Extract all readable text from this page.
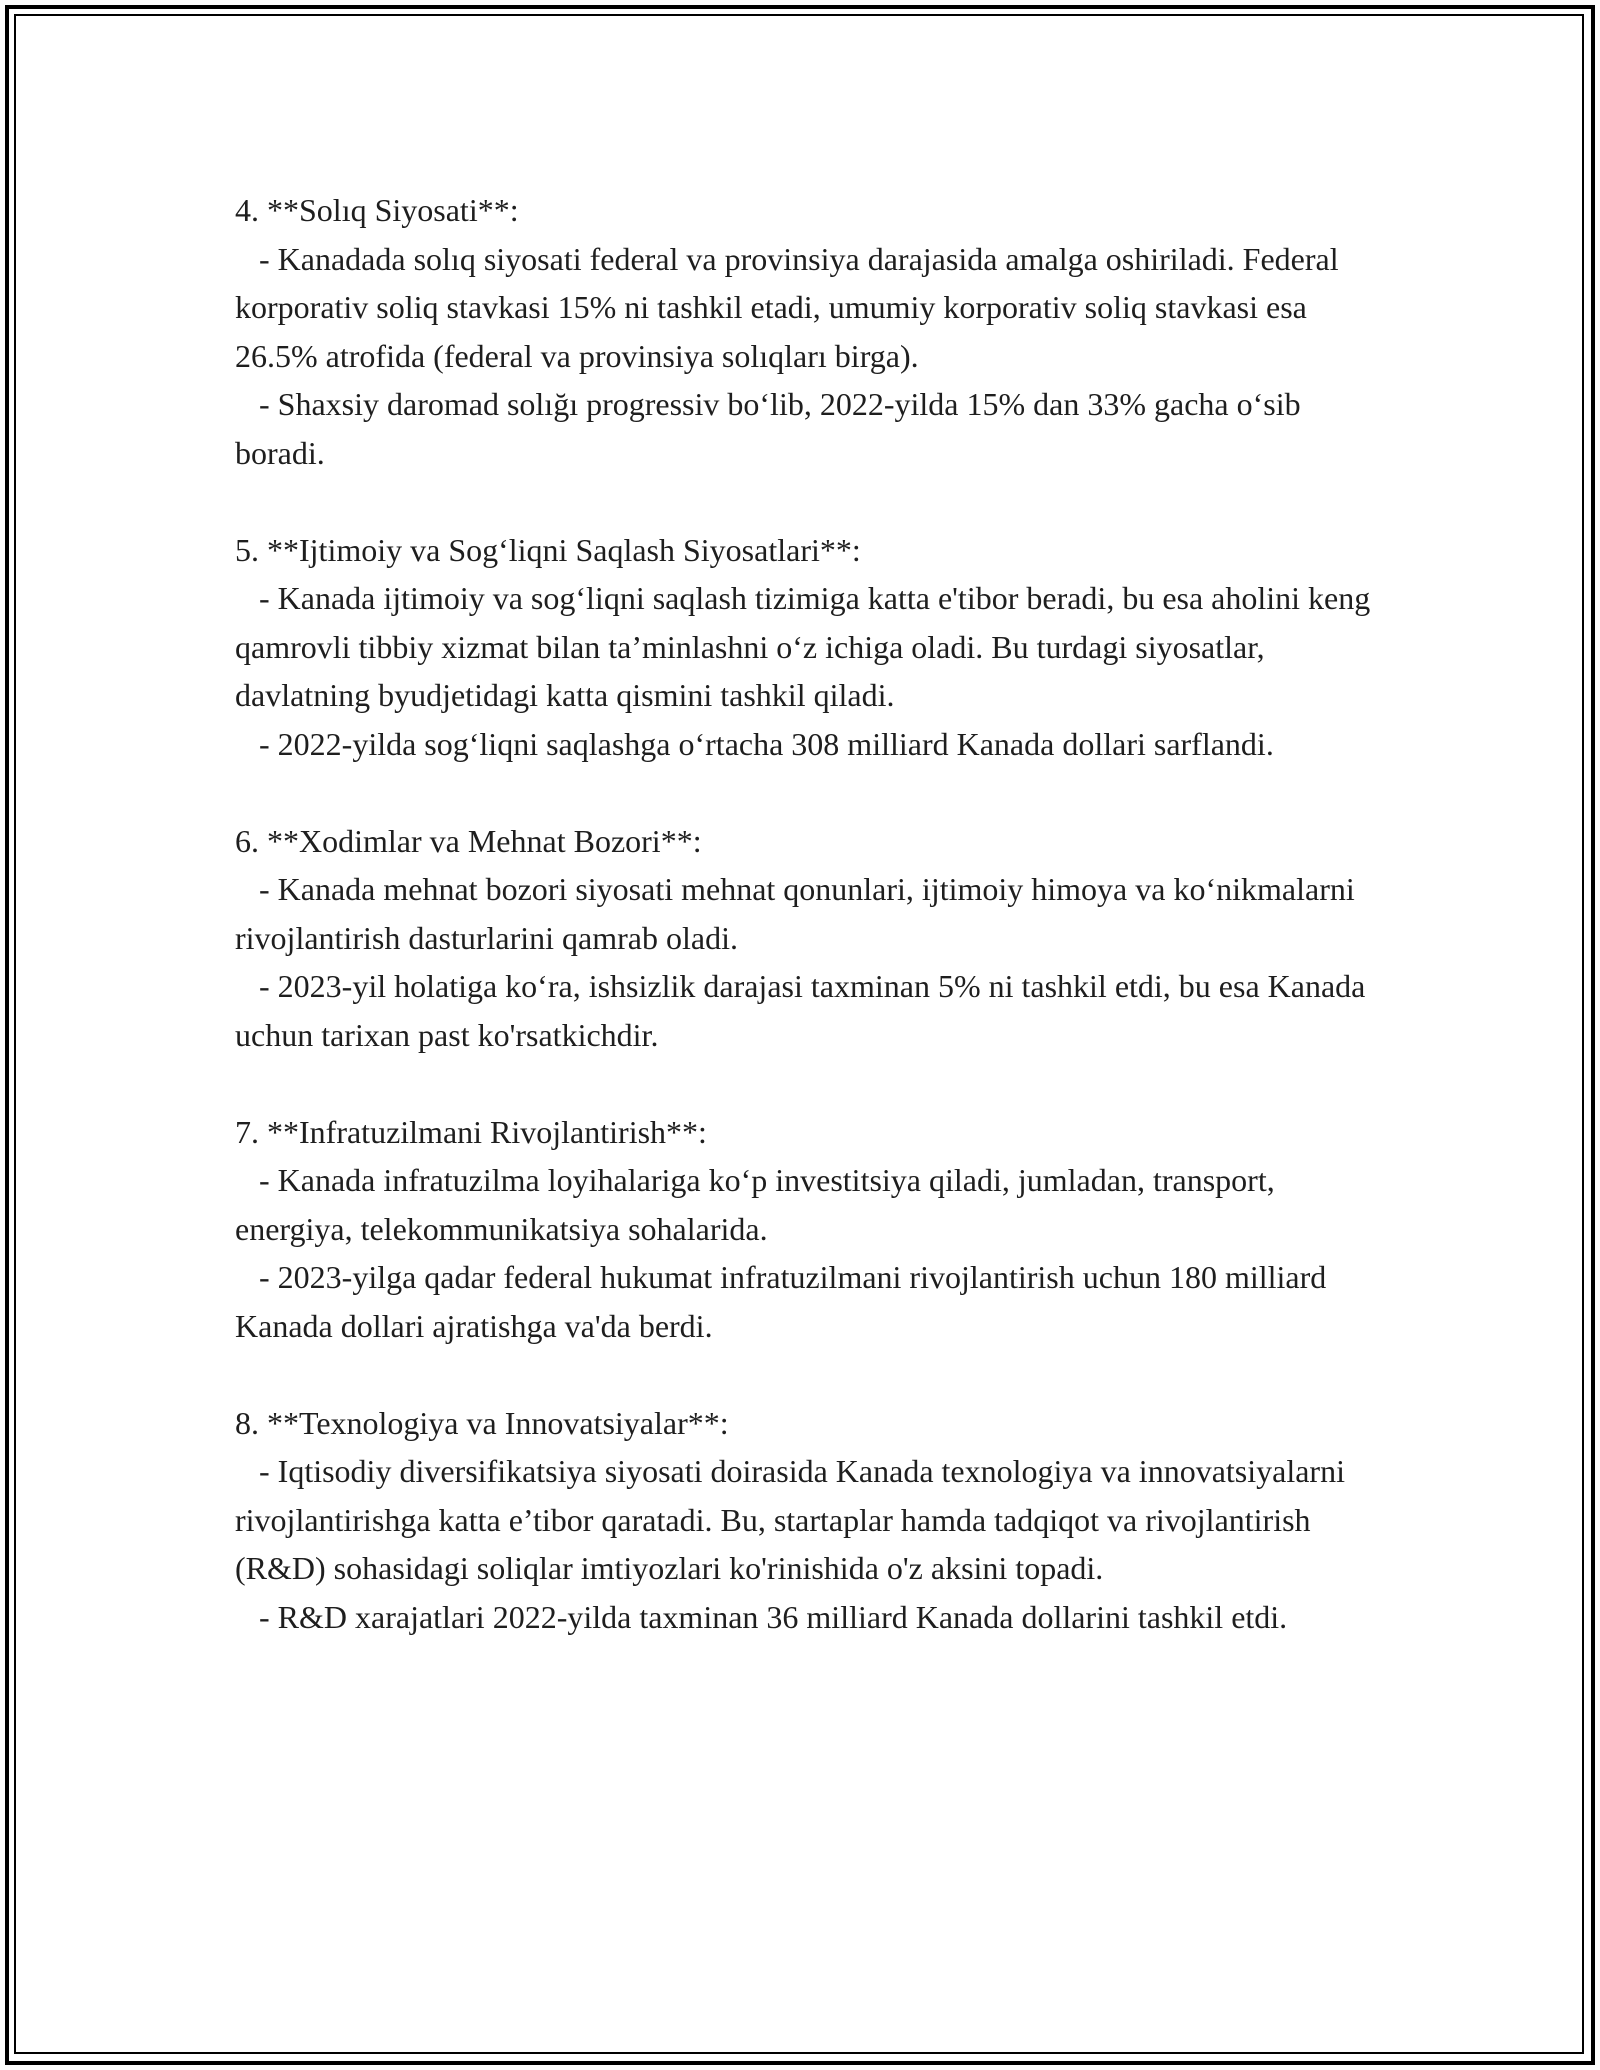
4. **Solıq Siyosati**:
- Kanadada solıq siyosati federal va provinsiya darajasida amalga oshiriladi. Federal korporativ soliq stavkasi 15% ni tashkil etadi, umumiy korporativ soliq stavkasi esa 26.5% atrofida (federal va provinsiya solıqları birga).
- Shaxsiy daromad solığı progressiv bo‘lib, 2022-yilda 15% dan 33% gacha o‘sib boradi.
5. **Ijtimoiy va Sog‘liqni Saqlash Siyosatlari**:
- Kanada ijtimoiy va sog‘liqni saqlash tizimiga katta e'tibor beradi, bu esa aholini keng qamrovli tibbiy xizmat bilan ta’minlashni o‘z ichiga oladi. Bu turdagi siyosatlar, davlatning byudjetidagi katta qismini tashkil qiladi.
- 2022-yilda sog‘liqni saqlashga o‘rtacha 308 milliard Kanada dollari sarflandi.
6. **Xodimlar va Mehnat Bozori**:
- Kanada mehnat bozori siyosati mehnat qonunlari, ijtimoiy himoya va ko‘nikmalarni rivojlantirish dasturlarini qamrab oladi.
- 2023-yil holatiga ko‘ra, ishsizlik darajasi taxminan 5% ni tashkil etdi, bu esa Kanada uchun tarixan past ko'rsatkichdir.
7. **Infratuzilmani Rivojlantirish**:
- Kanada infratuzilma loyihalariga ko‘p investitsiya qiladi, jumladan, transport, energiya, telekommunikatsiya sohalarida.
- 2023-yilga qadar federal hukumat infratuzilmani rivojlantirish uchun 180 milliard Kanada dollari ajratishga va'da berdi.
8. **Texnologiya va Innovatsiyalar**:
- Iqtisodiy diversifikatsiya siyosati doirasida Kanada texnologiya va innovatsiyalarni rivojlantirishga katta e’tibor qaratadi. Bu, startaplar hamda tadqiqot va rivojlantirish (R&D) sohasidagi soliqlar imtiyozlari ko'rinishida o'z aksini topadi.
- R&D xarajatlari 2022-yilda taxminan 36 milliard Kanada dollarini tashkil etdi.
